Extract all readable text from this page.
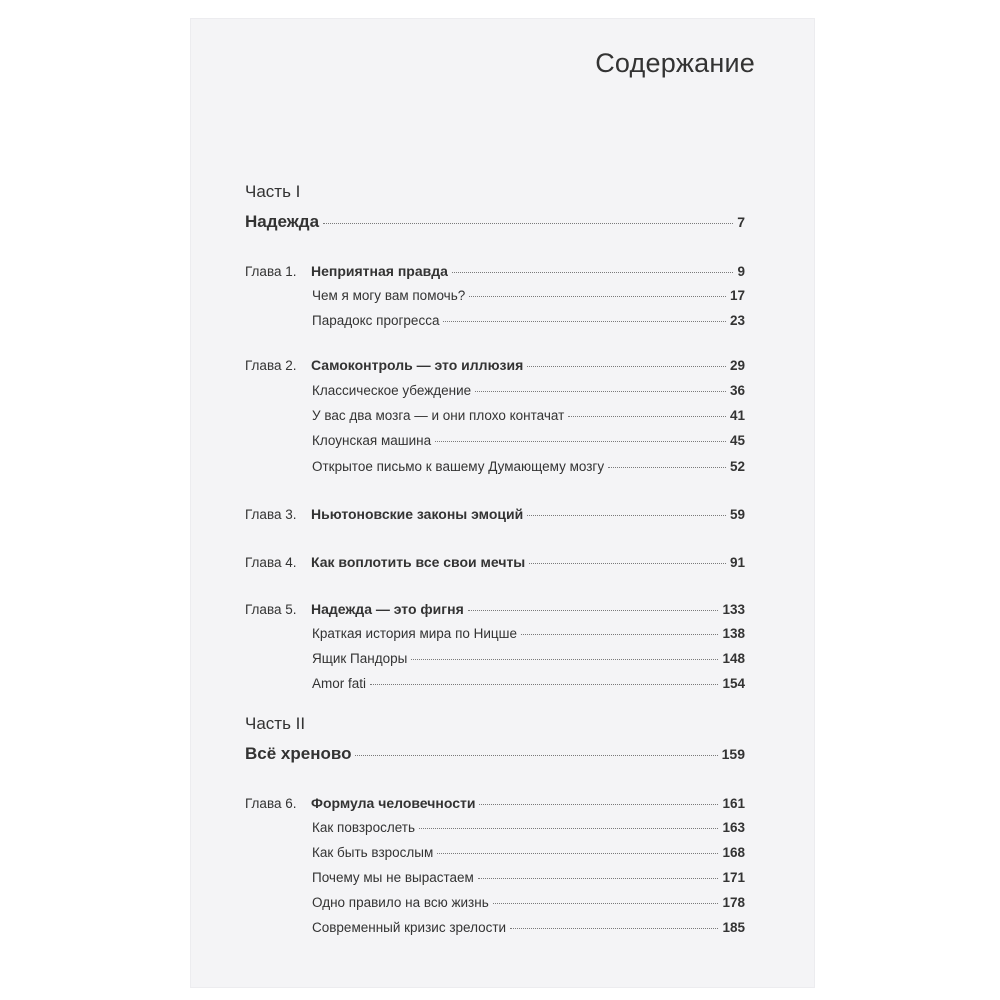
Содержание
Часть I
Надежда	7
Глава 1.	Неприятная правда	9
Чем я могу вам помочь?	17
Парадокс прогресса	23
Глава 2.	Самоконтроль — это иллюзия	29
Классическое убеждение	36
У вас два мозга — и они плохо контачат	41
Клоунская машина	45
Открытое письмо к вашему Думающему мозгу	52
Глава 3.	Ньютоновские законы эмоций	59
Глава 4.	Как воплотить все свои мечты	91
Глава 5.	Надежда — это фигня	133
Краткая история мира по Ницше	138
Ящик Пандоры	148
Amor fati	154
Часть II
Всё хреново	159
Глава 6.	Формула человечности	161
Как повзрослеть	163
Как быть взрослым	168
Почему мы не вырастаем	171
Одно правило на всю жизнь	178
Современный кризис зрелости	185
